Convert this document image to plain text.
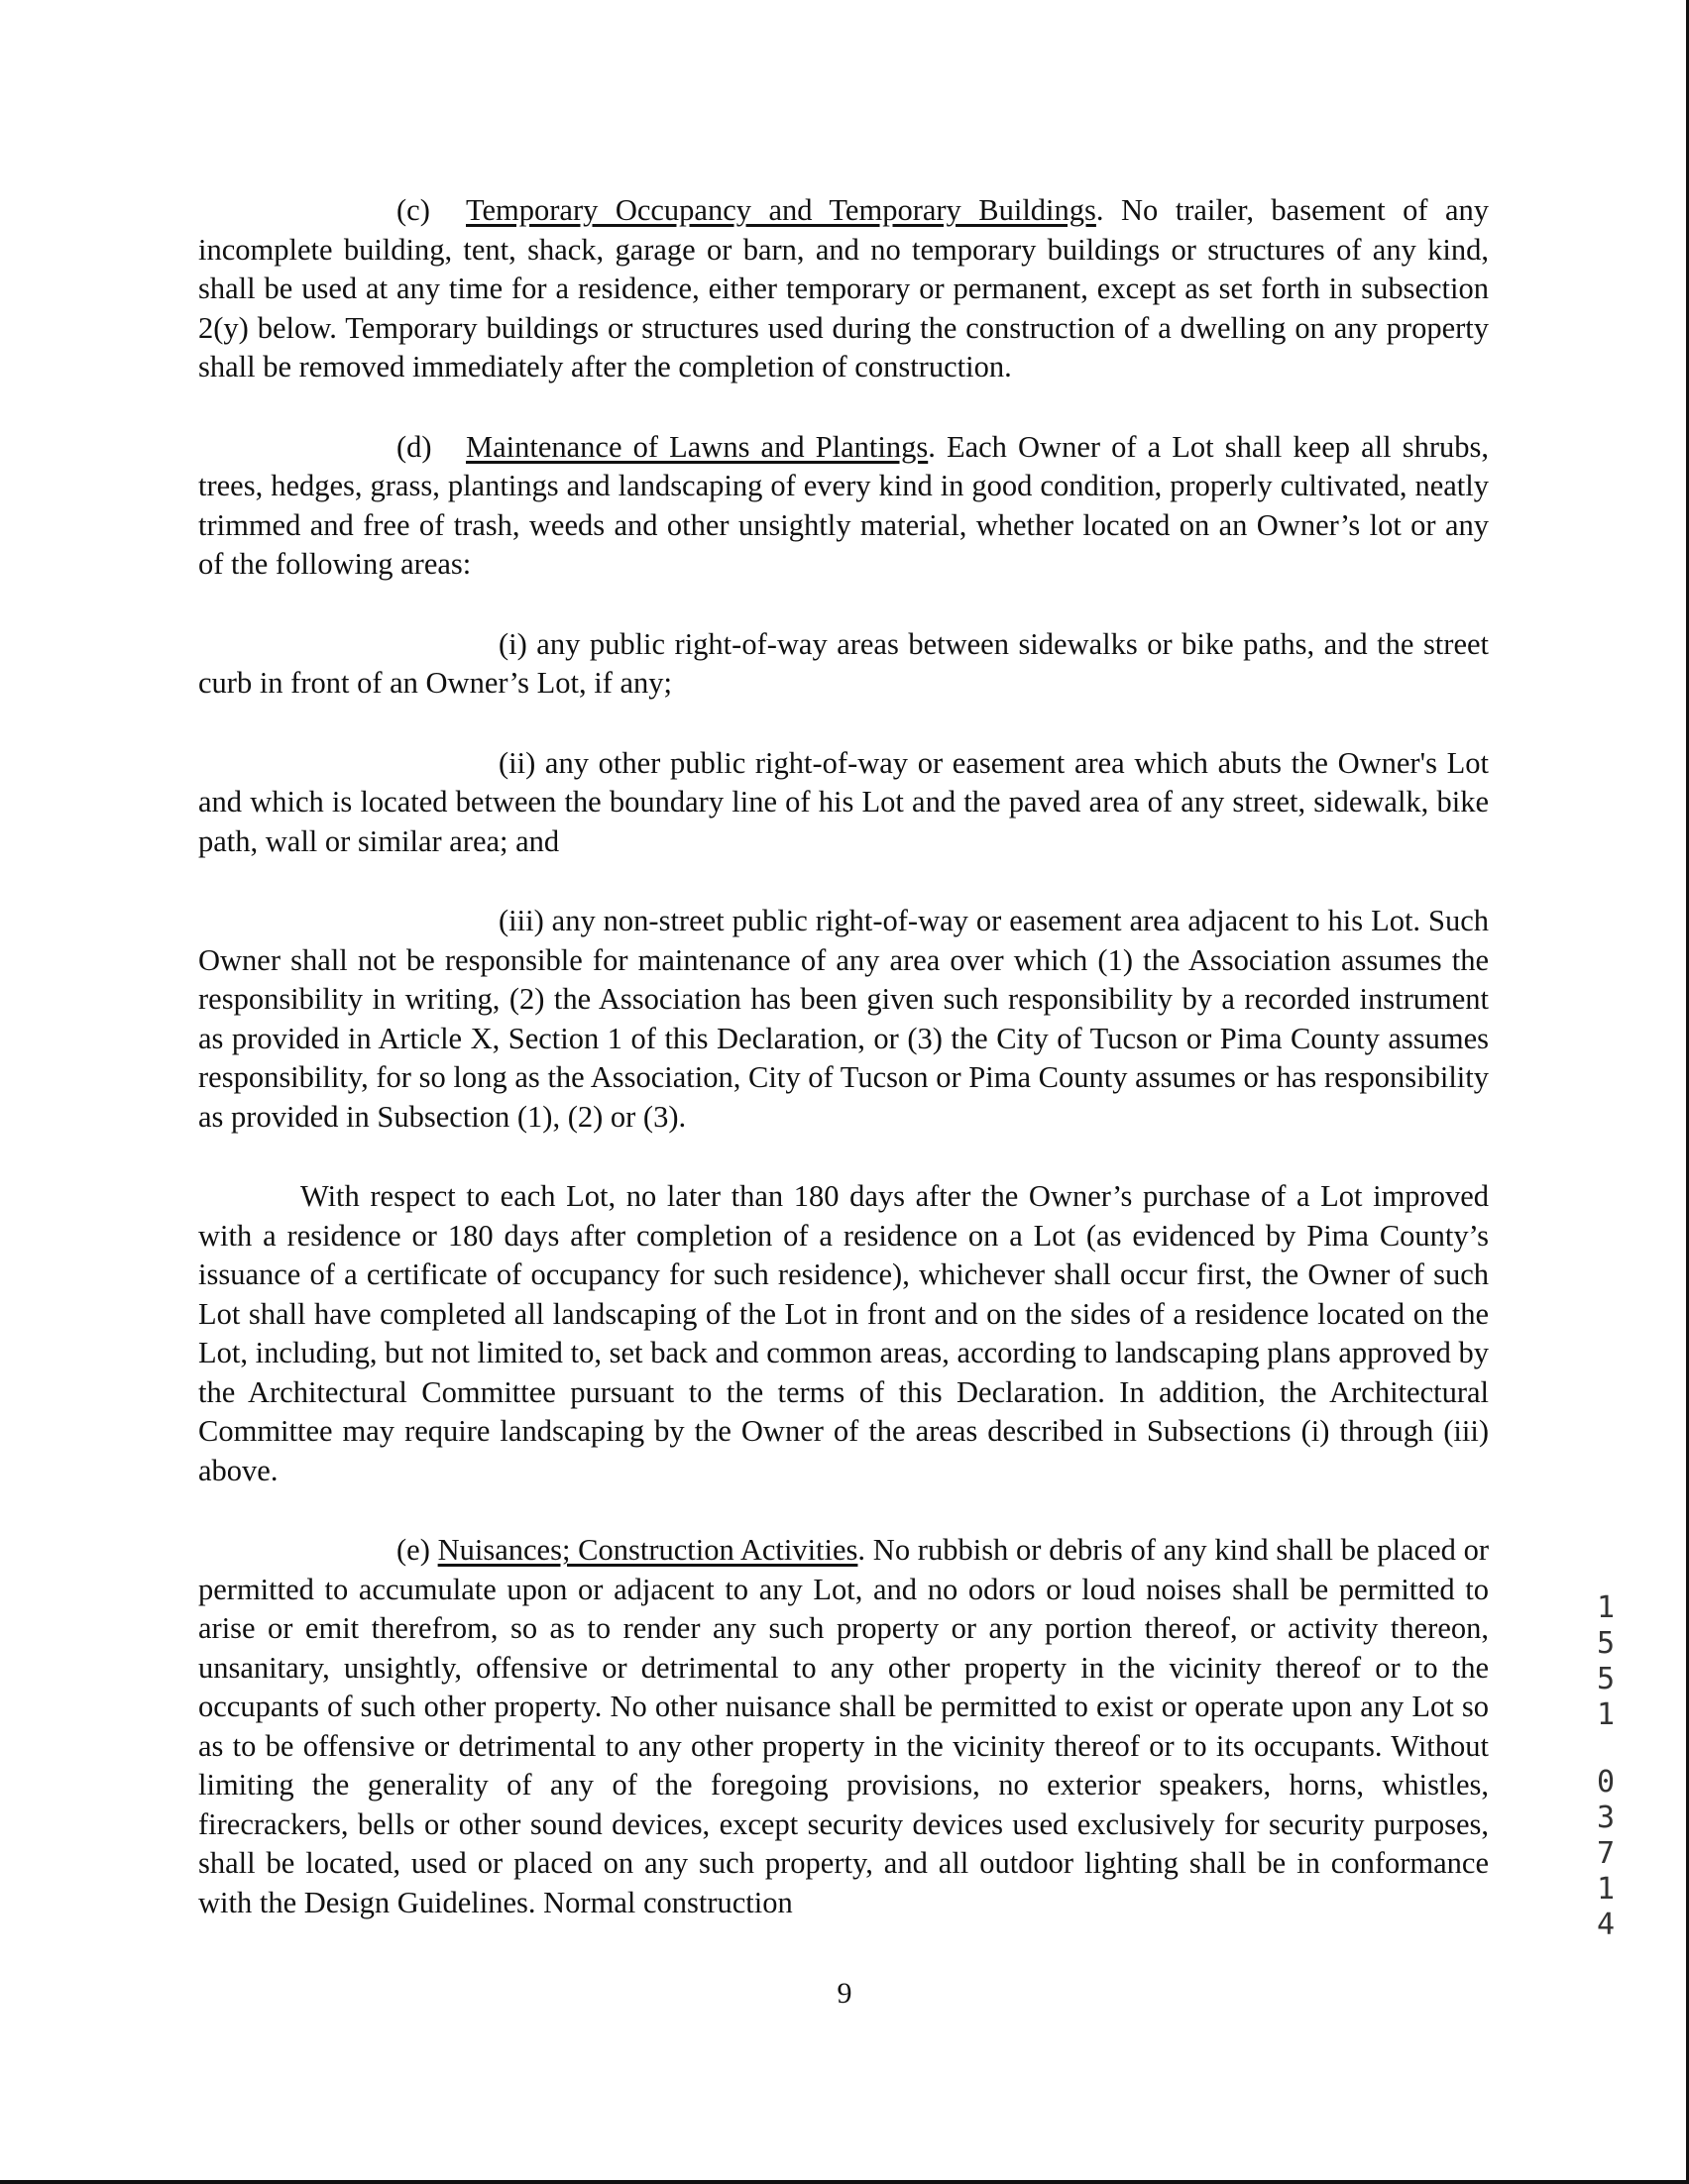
(c) Temporary Occupancy and Temporary Buildings. No trailer, basement of any incomplete building, tent, shack, garage or barn, and no temporary buildings or structures of any kind, shall be used at any time for a residence, either temporary or permanent, except as set forth in subsection 2(y) below. Temporary buildings or structures used during the construction of a dwelling on any property shall be removed immediately after the completion of construction.

(d) Maintenance of Lawns and Plantings. Each Owner of a Lot shall keep all shrubs, trees, hedges, grass, plantings and landscaping of every kind in good condition, properly cultivated, neatly trimmed and free of trash, weeds and other unsightly material, whether located on an Owner’s lot or any of the following areas:

(i) any public right-of-way areas between sidewalks or bike paths, and the street curb in front of an Owner’s Lot, if any;

(ii) any other public right-of-way or easement area which abuts the Owner's Lot and which is located between the boundary line of his Lot and the paved area of any street, sidewalk, bike path, wall or similar area; and

(iii) any non-street public right-of-way or easement area adjacent to his Lot. Such Owner shall not be responsible for maintenance of any area over which (1) the Association assumes the responsibility in writing, (2) the Association has been given such responsibility by a recorded instrument as provided in Article X, Section 1 of this Declaration, or (3) the City of Tucson or Pima County assumes responsibility, for so long as the Association, City of Tucson or Pima County assumes or has responsibility as provided in Subsection (1), (2) or (3).

With respect to each Lot, no later than 180 days after the Owner’s purchase of a Lot improved with a residence or 180 days after completion of a residence on a Lot (as evidenced by Pima County’s issuance of a certificate of occupancy for such residence), whichever shall occur first, the Owner of such Lot shall have completed all landscaping of the Lot in front and on the sides of a residence located on the Lot, including, but not limited to, set back and common areas, according to landscaping plans approved by the Architectural Committee pursuant to the terms of this Declaration. In addition, the Architectural Committee may require landscaping by the Owner of the areas described in Subsections (i) through (iii) above.

(e) Nuisances; Construction Activities. No rubbish or debris of any kind shall be placed or permitted to accumulate upon or adjacent to any Lot, and no odors or loud noises shall be permitted to arise or emit therefrom, so as to render any such property or any portion thereof, or activity thereon, unsanitary, unsightly, offensive or detrimental to any other property in the vicinity thereof or to the occupants of such other property. No other nuisance shall be permitted to exist or operate upon any Lot so as to be offensive or detrimental to any other property in the vicinity thereof or to its occupants. Without limiting the generality of any of the foregoing provisions, no exterior speakers, horns, whistles, firecrackers, bells or other sound devices, except security devices used exclusively for security purposes, shall be located, used or placed on any such property, and all outdoor lighting shall be in conformance with the Design Guidelines. Normal construction

9
1
5
5
1
0
3
7
1
4
